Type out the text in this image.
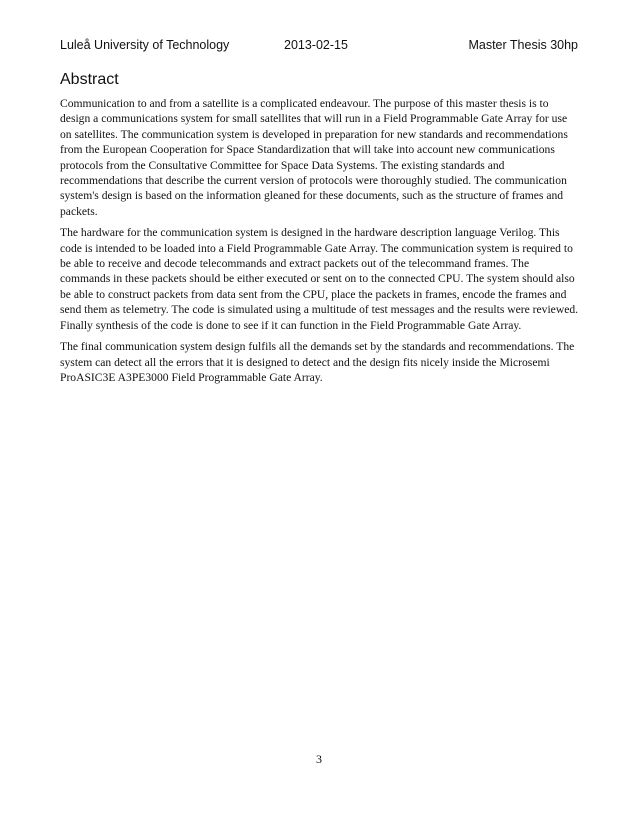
Luleå University of Technology	2013-02-15	Master Thesis 30hp
Abstract

Communication to and from a satellite is a complicated endeavour. The purpose of this master thesis is to design a communications system for small satellites that will run in a Field Programmable Gate Array for use on satellites. The communication system is developed in preparation for new standards and recommendations from the European Cooperation for Space Standardization that will take into account new communications protocols from the Consultative Committee for Space Data Systems. The existing standards and recommendations that describe the current version of protocols were thoroughly studied. The communication system's design is based on the information gleaned for these documents, such as the structure of frames and packets.

The hardware for the communication system is designed in the hardware description language Verilog. This code is intended to be loaded into a Field Programmable Gate Array. The communication system is required to be able to receive and decode telecommands and extract packets out of the telecommand frames. The commands in these packets should be either executed or sent on to the connected CPU. The system should also be able to construct packets from data sent from the CPU, place the packets in frames, encode the frames and send them as telemetry. The code is simulated using a multitude of test messages and the results were reviewed. Finally synthesis of the code is done to see if it can function in the Field Programmable Gate Array.

The final communication system design fulfils all the demands set by the standards and recommendations. The system can detect all the errors that it is designed to detect and the design fits nicely inside the Microsemi ProASIC3E A3PE3000 Field Programmable Gate Array.

3
